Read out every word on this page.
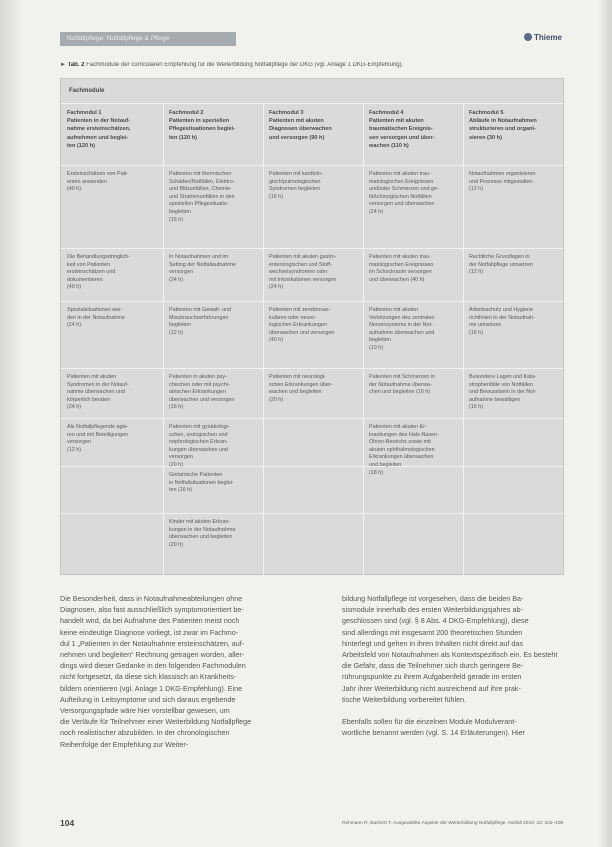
Notfallpflege: Notfallpflege & Pflege	Thieme
► Tab. 2 Fachmodule der curricularen Empfehlung für die Weiterbildung Notfallpflege der DKG (vgl. Anlage 1 DKG-Empfehlung).
Fachmodule
Fachmodul 1
Patienten in der Notauf-
nahme ersteinschätzen,
aufnehmen und beglei-
ten (120 h)
Fachmodul 2
Patienten in speziellen
Pflegesituationen beglei-
ten (120 h)
Fachmodul 3
Patienten mit akuten
Diagnosen überwachen
und versorgen (90 h)
Fachmodul 4
Patienten mit akuten
traumatischen Ereignis-
sen versorgen und über-
wachen (110 h)
Fachmodul 5
Abläufe in Notaufnahmen
strukturieren und organi-
sieren (30 h)
Ersteinschätzen von Pati-
enten anwenden
(40 h)
Patienten mit thermischen
Schäden/Notfällen, Elektro-
und Blitzunfällen, Chemie-
und Strahlenunfällen in den
speziellen Pflegesituatio-
begleiten
(16 h)
Patienten mit kardiolo-
gisch/pulmologischen
Syndromen begleiten
(16 h)
Patienten mit akuten trau-
matologischen Ereignissen
und/oder Schmerzen und ge-
fäßchirurgischen Notfällen
versorgen und überwachen
(24 h)
Notaufnahmen organisieren
und Prozesse mitgestalten
(12 h)
Die Behandlungsdringlich-
keit von Patienten
ersteinschätzen und
dokumentieren
(40 h)
In Notaufnahmen und im
Setting der Notfallaufnahme
versorgen
(24 h)
Patienten mit akuten gastro-
enterologischen und Stoff-
wechselsyndromen oder
mit Intoxikationen versorgen
(24 h)
Patienten mit akuten trau-
matologischen Ereignissen
im Schockraum versorgen
und überwachen (40 h)
Rechtliche Grundlagen in
der Notfallpflege umsetzen
(12 h)
Spezialsituationen wer-
den in der Notaufnahme
(24 h)
Patienten mit Gewalt- und
Missbrauchserfahrungen
begleiten
(12 h)
Patienten mit zerebrovas-
kulären oder neuro-
logischen Erkrankungen
überwachen und versorgen
(40 h)
Patienten mit akuten
Verletzungen des zentralen
Nervensystems in der Not-
aufnahme überwachen und
begleiten
(10 h)
Arbeitsschutz und Hygiene
richtlinien in der Notaufnah-
me umsetzen
(16 h)
Patienten mit akuten
Syndromen in der Notauf-
nahme überwachen und
körperlich beraten
(24 h)
Patienten in akuten psy-
chischen oder mit psychi-
atrischen Erkrankungen
überwachen und versorgen
(16 h)
Patienten mit neurologi-
schen Erkrankungen über-
wachen und begleiten
(20 h)
Patienten mit Schmerzen in
der Notaufnahme überwa-
chen und begleiten (16 h)
Besondere Lagen und Kata-
strophenfälle von Notfällen
und Bewusstsein in der Not-
aufnahme bewältigen
(16 h)
Als Notfallpflegende agie-
ren und mit Beteiligungen
versorgen
(12 h)
Patienten mit gynäkologi-
schen, urologischen und
nephrologischen Erkran-
kungen überwachen und
versorgen
(20 h)
Patienten mit akuten Er-
krankungen des Hals-Nasen-
Ohren-Bereichs sowie mit
akuten ophthalmologischen
Erkrankungen überwachen
und begleiten
(18 h)
Geriatrische Patienten
in Notfallsituationen beglei-
ten (16 h)
Kinder mit akuten Erkran-
kungen in der Notaufnahme
überwachen und begleiten
(20 h)
Die Besonderheit, dass in Notaufnahmeabteilungen ohne
Diagnosen, also fast ausschließlich symptomorientiert be-
handelt wird, da bei Aufnahme des Patienten meist noch
keine eindeutige Diagnose vorliegt, ist zwar im Fachmo-
dul 1 „Patienten in der Notaufnahme ersteinschätzen, auf-
nehmen und begleiten“ Rechnung getragen worden, aller-
dings wird dieser Gedanke in den folgenden Fachmodulen
nicht fortgesetzt, da diese sich klassisch an Krankheits-
bildern orientieren (vgl. Anlage 1 DKG-Empfehlung). Eine
Aufteilung in Leitsymptome und sich daraus ergebende
Versorgungspfade wäre hier vorstellbar gewesen, um
die Verläufe für Teilnehmer einer Weiterbildung Notfallpflege
noch realistischer abzubilden. In der chronologischen
Reihenfolge der Empfehlung zur Weiter-
bildung Notfallpflege ist vorgesehen, dass die beiden Ba-
sismodule innerhalb des ersten Weiterbildungsjahres ab-
geschlossen sind (vgl. § 8 Abs. 4 DKG-Empfehlung), diese
sind allerdings mit insgesamt 200 theoretischen Stunden
hinterlegt und gehen in ihren Inhalten nicht direkt auf das
Arbeitsfeld von Notaufnahmen als Kontextspezifisch ein. Es besteht
die Gefahr, dass die Teilnehmer sich durch geringere Be-
rührungspunkte zu ihrem Aufgabenfeld gerade im ersten
Jahr ihrer Weiterbildung nicht ausreichend auf ihre prak-
tische Weiterbildung vorbereitet fühlen.

Ebenfalls sollen für die einzelnen Module Modulverant-
wortliche benannt werden (vgl. S. 14 Erläuterungen). Hier
104	Rehmann R, Bachert T. Ausgewählte Aspekte der Weiterbildung Notfallpflege. Notfall 2019; 22: 102–109
